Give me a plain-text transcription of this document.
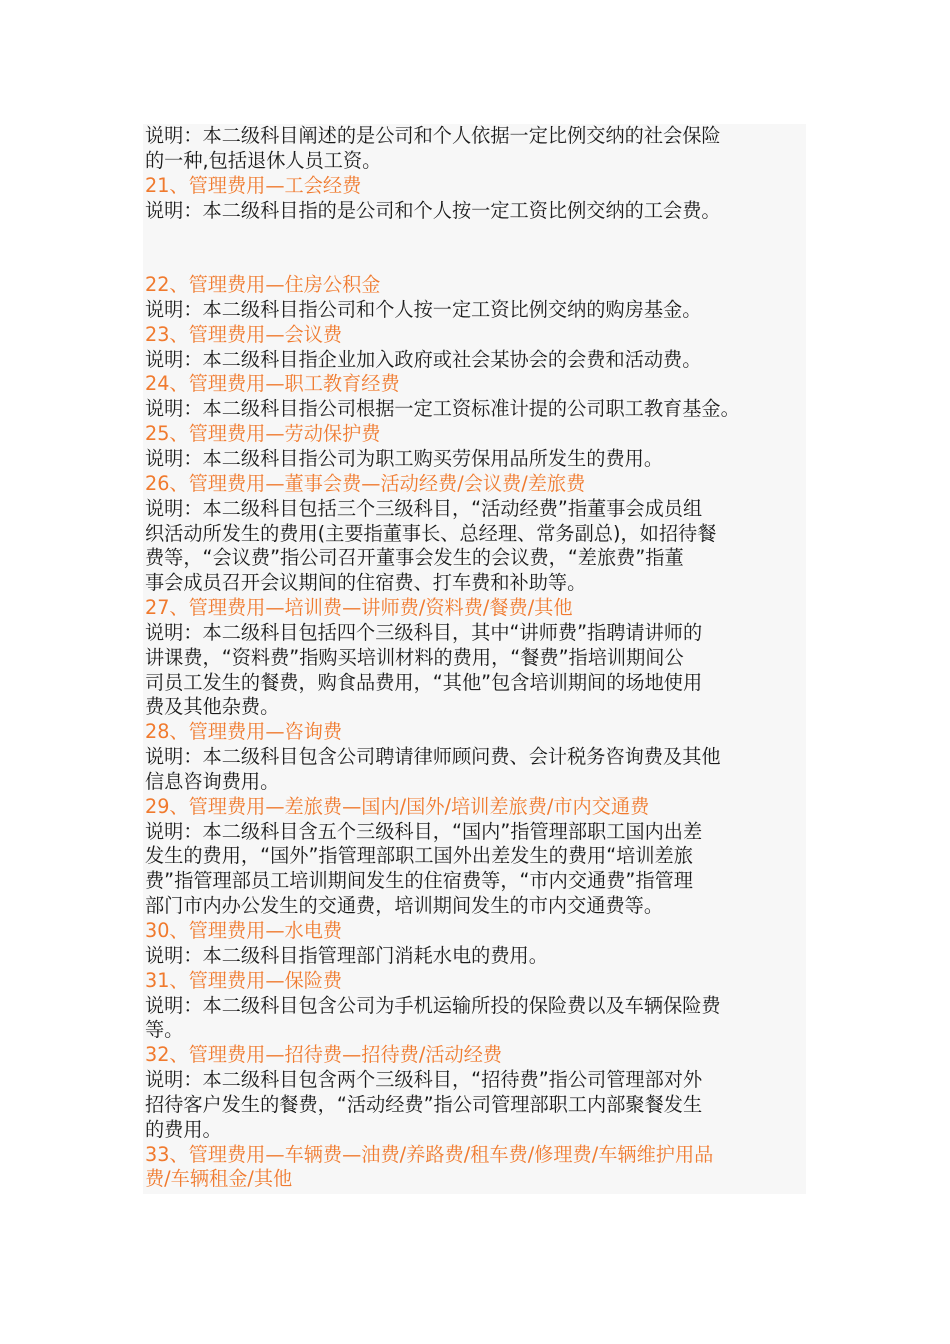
说明：本二级科目阐述的是公司和个人依据一定比例交纳的社会保险
的一种,包括退休人员工资。
21、管理费用—工会经费
说明：本二级科目指的是公司和个人按一定工资比例交纳的工会费。
22、管理费用—住房公积金
说明：本二级科目指公司和个人按一定工资比例交纳的购房基金。
23、管理费用—会议费
说明：本二级科目指企业加入政府或社会某协会的会费和活动费。
24、管理费用—职工教育经费
说明：本二级科目指公司根据一定工资标准计提的公司职工教育基金。
25、管理费用—劳动保护费
说明：本二级科目指公司为职工购买劳保用品所发生的费用。
26、管理费用—董事会费—活动经费/会议费/差旅费
说明：本二级科目包括三个三级科目，“活动经费”指董事会成员组
织活动所发生的费用(主要指董事长、总经理、常务副总)，如招待餐
费等，“会议费”指公司召开董事会发生的会议费，“差旅费”指董
事会成员召开会议期间的住宿费、打车费和补助等。
27、管理费用—培训费—讲师费/资料费/餐费/其他
说明：本二级科目包括四个三级科目，其中“讲师费”指聘请讲师的
讲课费，“资料费”指购买培训材料的费用，“餐费”指培训期间公
司员工发生的餐费，购食品费用，“其他”包含培训期间的场地使用
费及其他杂费。
28、管理费用—咨询费
说明：本二级科目包含公司聘请律师顾问费、会计税务咨询费及其他
信息咨询费用。
29、管理费用—差旅费—国内/国外/培训差旅费/市内交通费
说明：本二级科目含五个三级科目，“国内”指管理部职工国内出差
发生的费用，“国外”指管理部职工国外出差发生的费用“培训差旅
费”指管理部员工培训期间发生的住宿费等，“市内交通费”指管理
部门市内办公发生的交通费，培训期间发生的市内交通费等。
30、管理费用—水电费
说明：本二级科目指管理部门消耗水电的费用。
31、管理费用—保险费
说明：本二级科目包含公司为手机运输所投的保险费以及车辆保险费
等。
32、管理费用—招待费—招待费/活动经费
说明：本二级科目包含两个三级科目，“招待费”指公司管理部对外
招待客户发生的餐费，“活动经费”指公司管理部职工内部聚餐发生
的费用。
33、管理费用—车辆费—油费/养路费/租车费/修理费/车辆维护用品
费/车辆租金/其他
